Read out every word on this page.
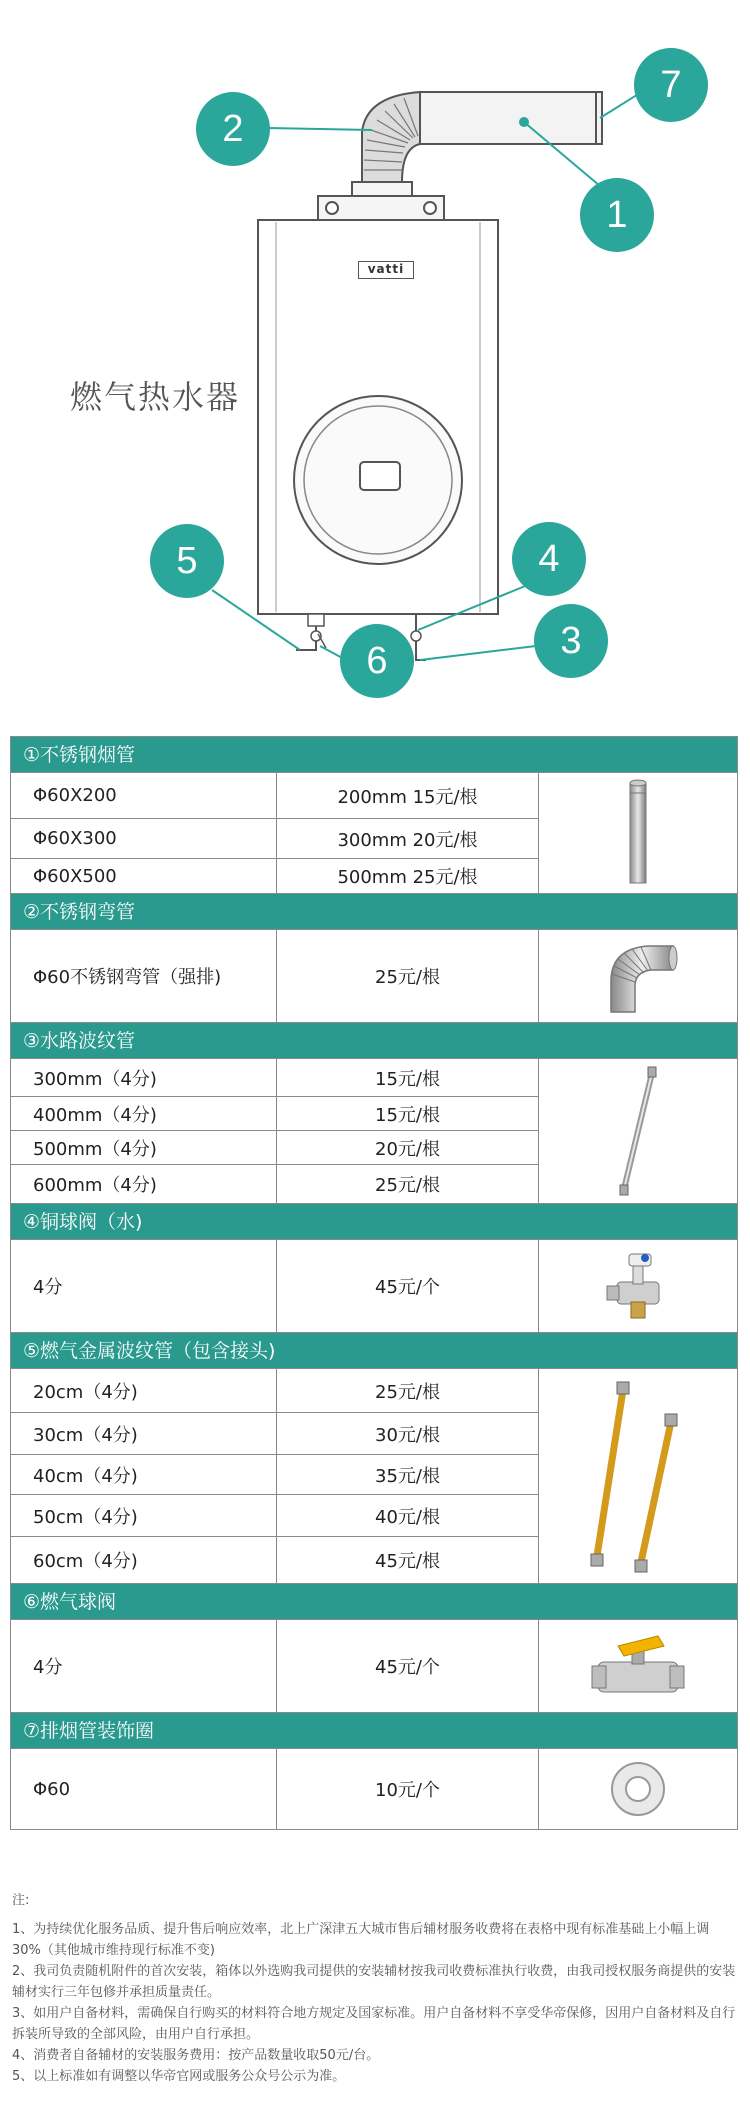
燃气热水器
vatti
7
2
1
5	4
3
6
①不锈钢烟管
Φ60X200	200mm 15元/根
Φ60X300	300mm 20元/根
Φ60X500	500mm 25元/根
②不锈钢弯管
Φ60不锈钢弯管（强排)	25元/根
③水路波纹管
300mm（4分)	15元/根
400mm（4分)	15元/根
500mm（4分)	20元/根
600mm（4分)	25元/根
④铜球阀（水)
4分	45元/个
⑤燃气金属波纹管（包含接头)
20cm（4分)	25元/根
30cm（4分)	30元/根
40cm（4分)	35元/根
50cm（4分)	40元/根
60cm（4分)	45元/根
⑥燃气球阀
4分	45元/个
⑦排烟管装饰圈
Φ60	10元/个

注:

1、为持续优化服务品质、提升售后响应效率，北上广深津五大城市售后辅材服务收费将在表格中现有标准基础上小幅上调30%（其他城市维持现行标准不变)

2、我司负责随机附件的首次安装，箱体以外选购我司提供的安装辅材按我司收费标准执行收费，由我司授权服务商提供的安装辅材实行三年包修并承担质量责任。

3、如用户自备材料，需确保自行购买的材料符合地方规定及国家标准。用户自备材料不享受华帝保修，因用户自备材料及自行拆装所导致的全部风险，由用户自行承担。

4、消费者自备辅材的安装服务费用：按产品数量收取50元/台。

5、以上标准如有调整以华帝官网或服务公众号公示为准。
